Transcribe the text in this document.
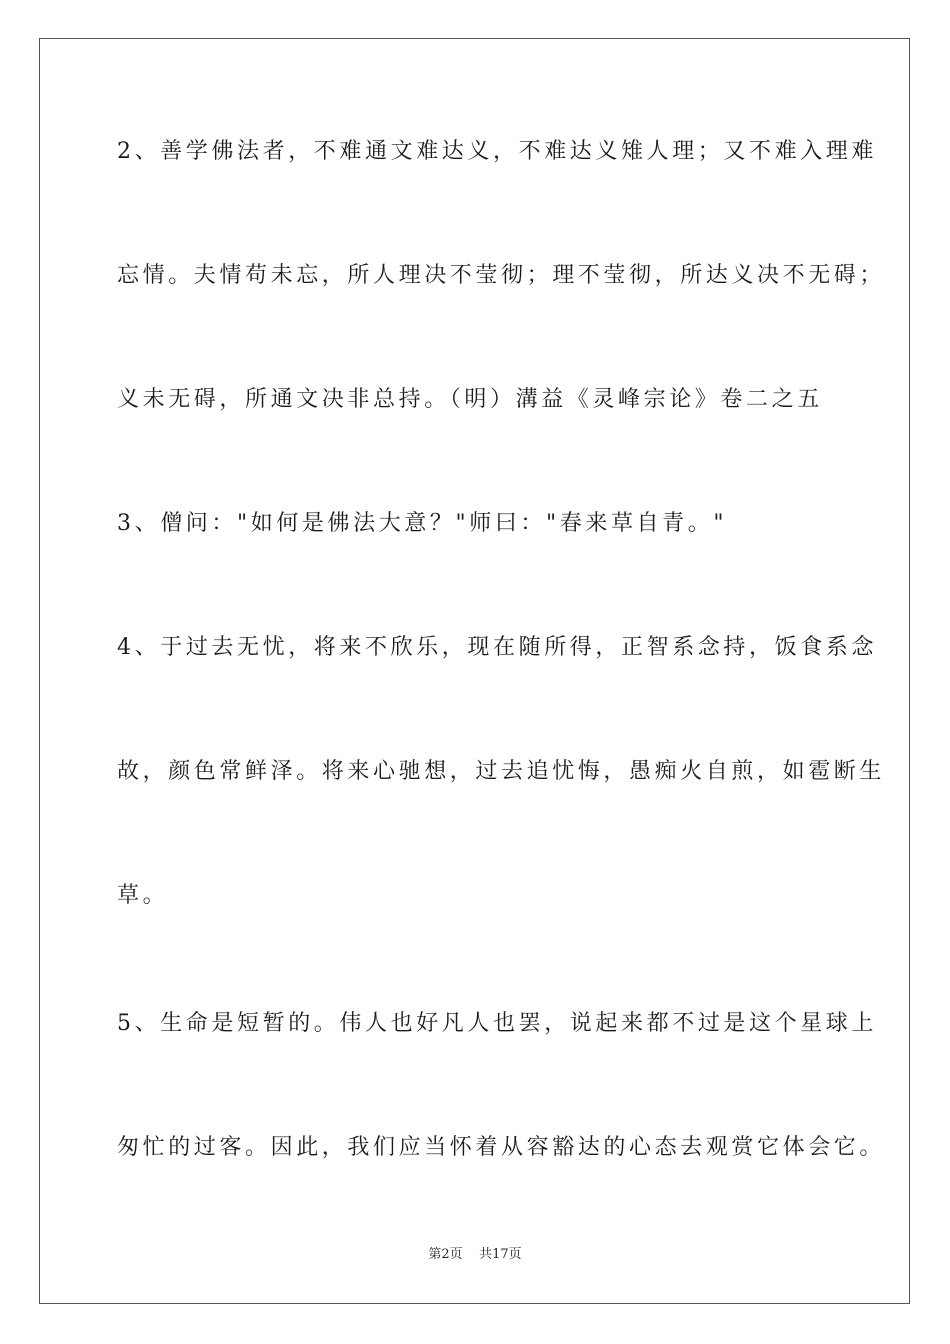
2、善学佛法者，不难通文难达义，不难达义雉人理；又不难入理难
忘情。夫情苟未忘，所人理决不莹彻；理不莹彻，所达义决不无碍；
义未无碍，所通文决非总持。（明）溝益《灵峰宗论》卷二之五
3、僧问："如何是佛法大意？"师曰："春来草自青。"
4、于过去无忧，将来不欣乐，现在随所得，正智系念持，饭食系念
故，颜色常鲜泽。将来心驰想，过去追忧悔，愚痴火自煎，如雹断生
草。
5、生命是短暂的。伟人也好凡人也罢，说起来都不过是这个星球上
匆忙的过客。因此，我们应当怀着从容豁达的心态去观赏它体会它。
第2页 共17页
